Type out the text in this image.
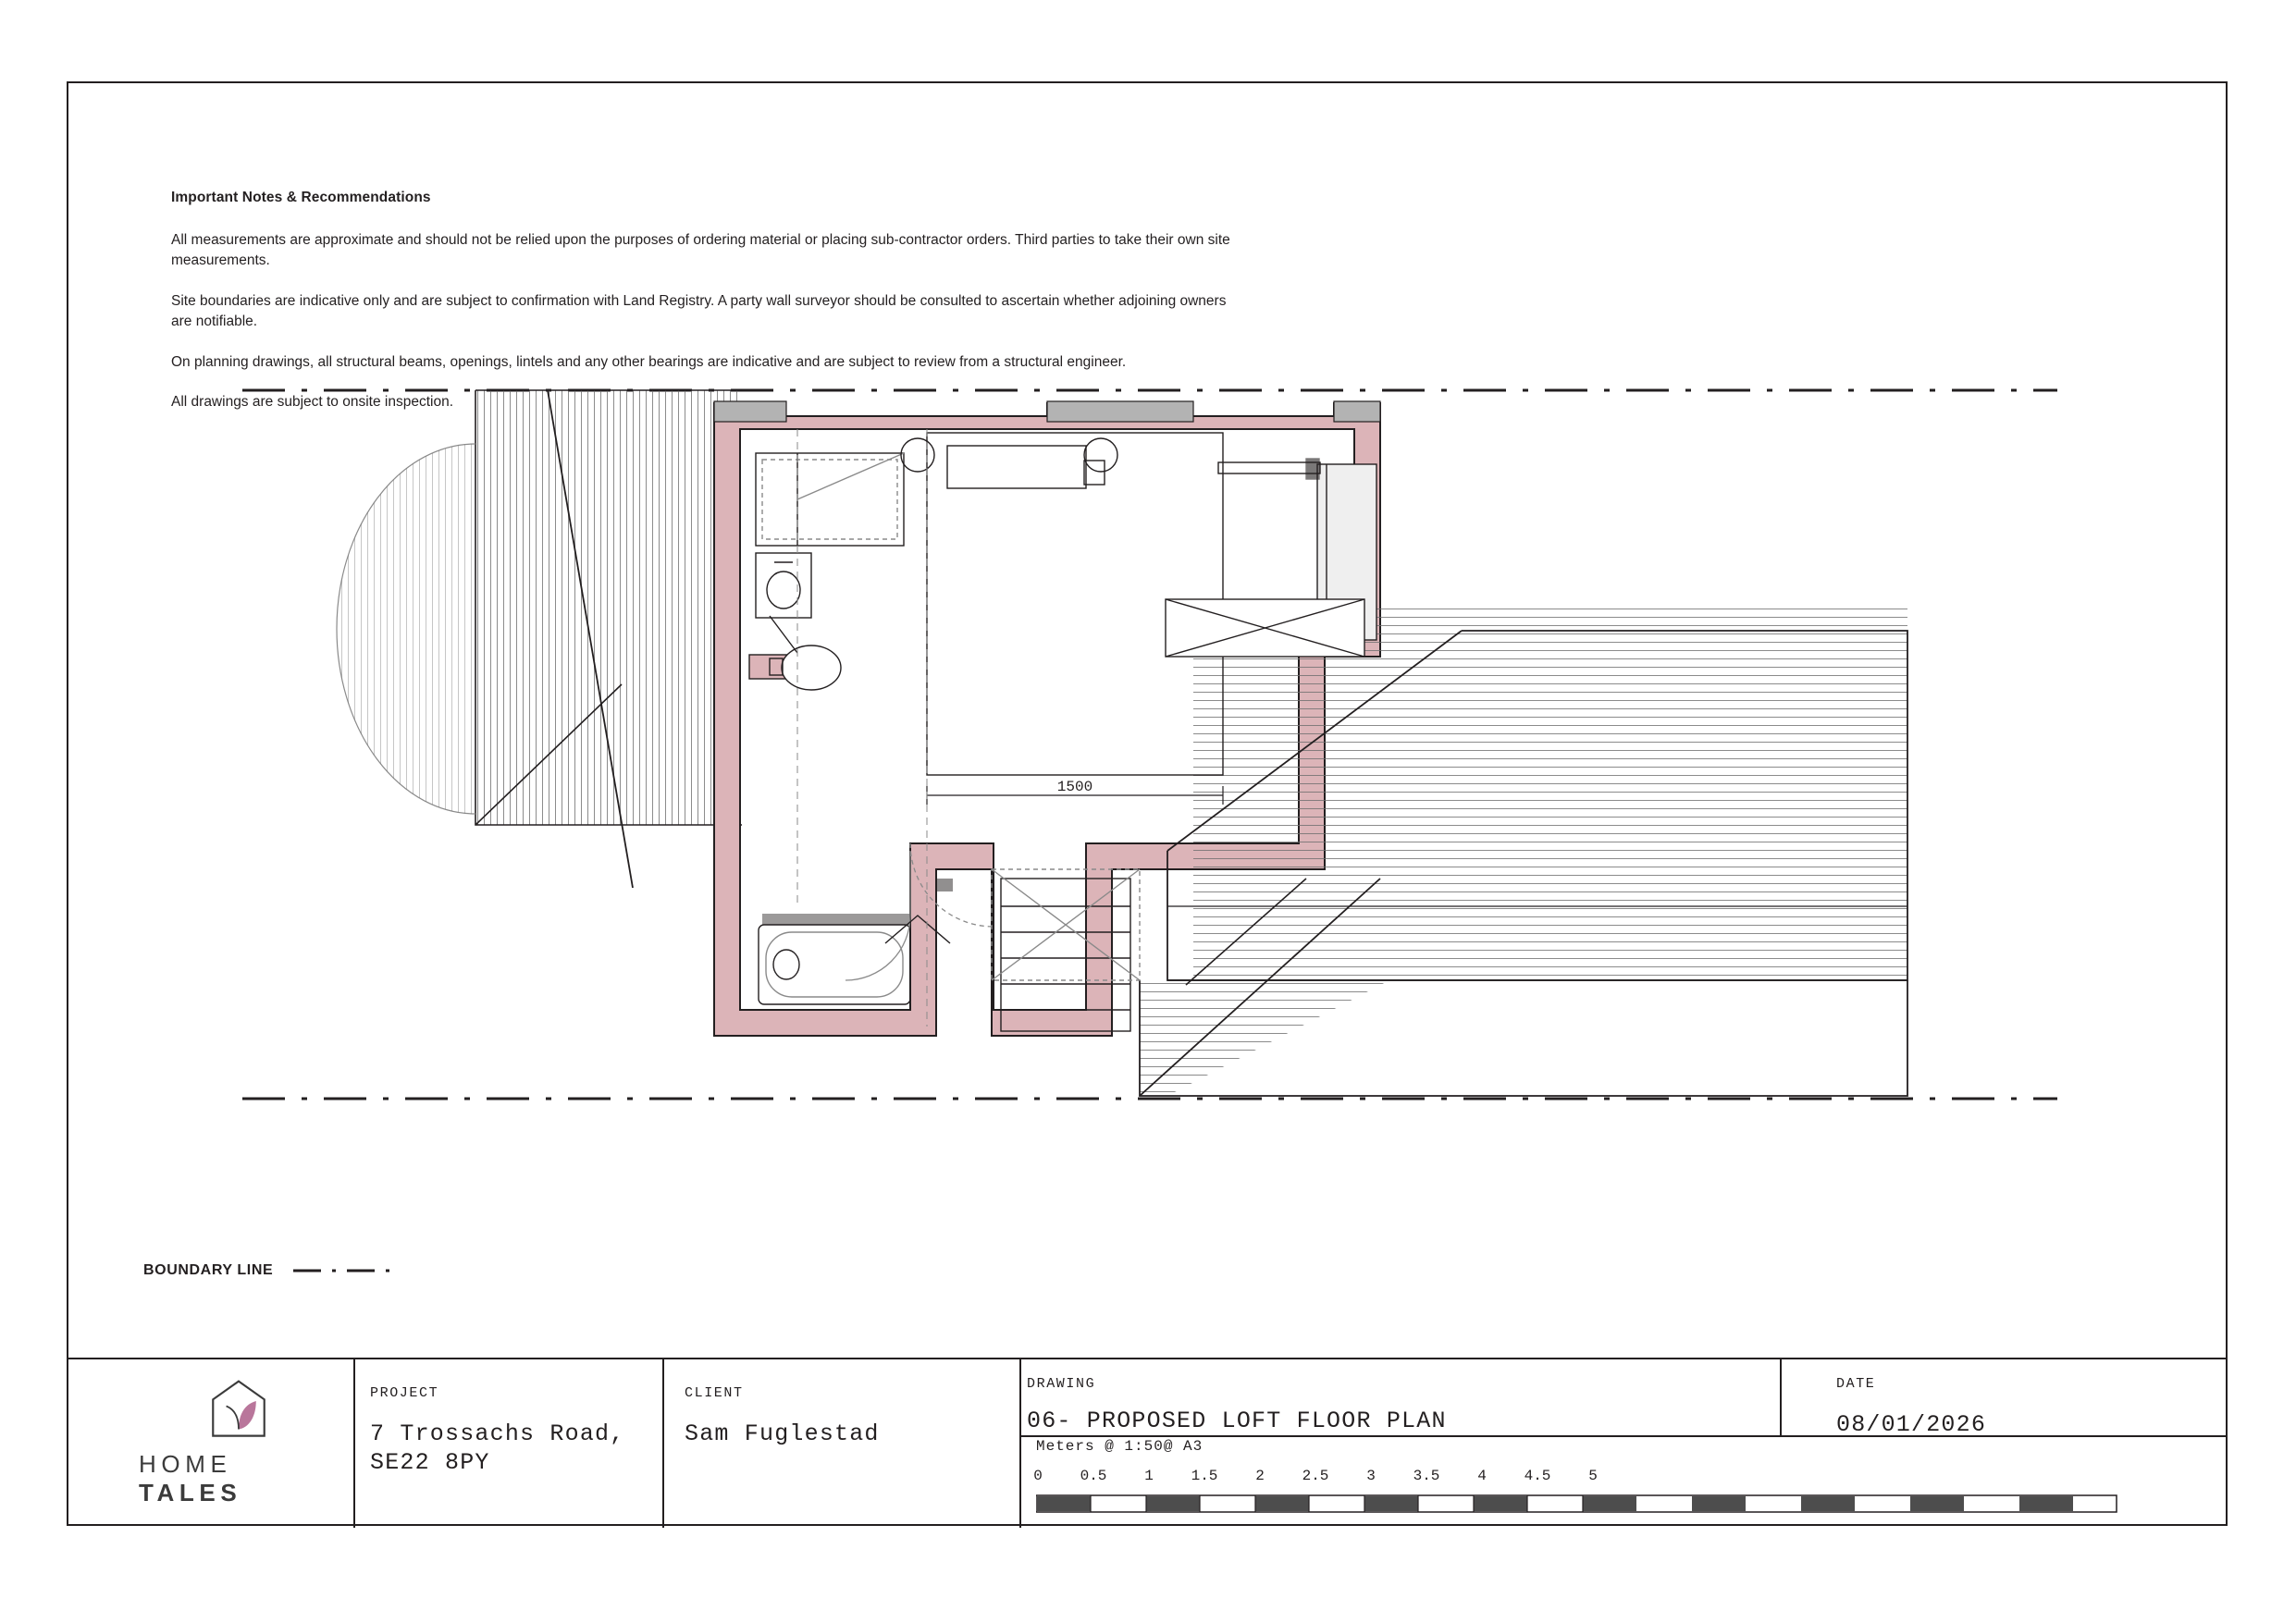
Important Notes & Recommendations

All measurements are approximate and should not be relied upon the purposes of ordering material or placing sub-contractor orders. Third parties to take their own site measurements.

Site boundaries are indicative only and are subject to confirmation with Land Registry. A party wall surveyor should be consulted to ascertain whether adjoining owners are notifiable.

On planning drawings, all structural beams, openings, lintels and any other bearings are indicative and are subject to review from a structural engineer.

All drawings are subject to onsite inspection.

1500
BOUNDARY LINE
HOME TALES
PROJECT
7 Trossachs Road,
SE22 8PY
CLIENT
Sam Fuglestad
DRAWING
06- PROPOSED LOFT FLOOR PLAN
DATE
08/01/2026
Meters @ 1:50@ A3
0	0.5	1	1.5	2	2.5	3	3.5	4	4.5	5
